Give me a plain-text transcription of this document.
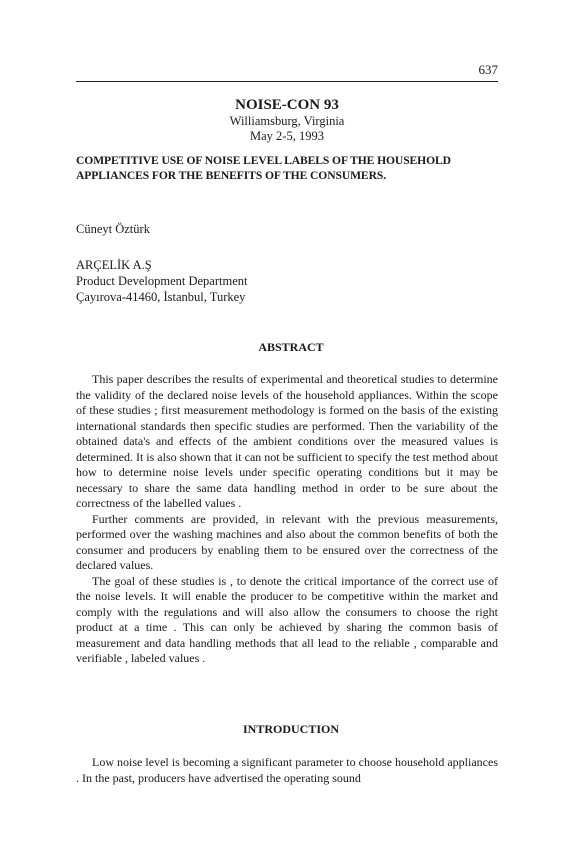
637
NOISE-CON 93
Williamsburg, Virginia
May 2-5, 1993
COMPETITIVE USE OF NOISE LEVEL LABELS OF THE HOUSEHOLD
APPLIANCES FOR THE BENEFITS OF THE CONSUMERS.
Cüneyt Öztürk
ARÇELİK A.Ş
Product Development Department
Çayırova-41460, İstanbul, Turkey
ABSTRACT

This paper describes the results of experimental and theoretical studies to determine the validity of the declared noise levels of the household appliances. Within the scope of these studies ; first measurement methodology is formed on the basis of the existing international standards then specific studies are performed. Then the variability of the obtained data's and effects of the ambient conditions over the measured values is determined. It is also shown that it can not be sufficient to specify the test method about how to determine noise levels under specific operating conditions but it may be necessary to share the same data handling method in order to be sure about the correctness of the labelled values .

Further comments are provided, in relevant with the previous measurements, performed over the washing machines and also about the common benefits of both the consumer and producers by enabling them to be ensured over the correctness of the declared values.

The goal of these studies is , to denote the critical importance of the correct use of the noise levels. It will enable the producer to be competitive within the market and comply with the regulations and will also allow the consumers to choose the right product at a time . This can only be achieved by sharing the common basis of measurement and data handling methods that all lead to the reliable , comparable and verifiable , labeled values .

INTRODUCTION

Low noise level is becoming a significant parameter to choose household appliances . In the past, producers have advertised the operating sound
